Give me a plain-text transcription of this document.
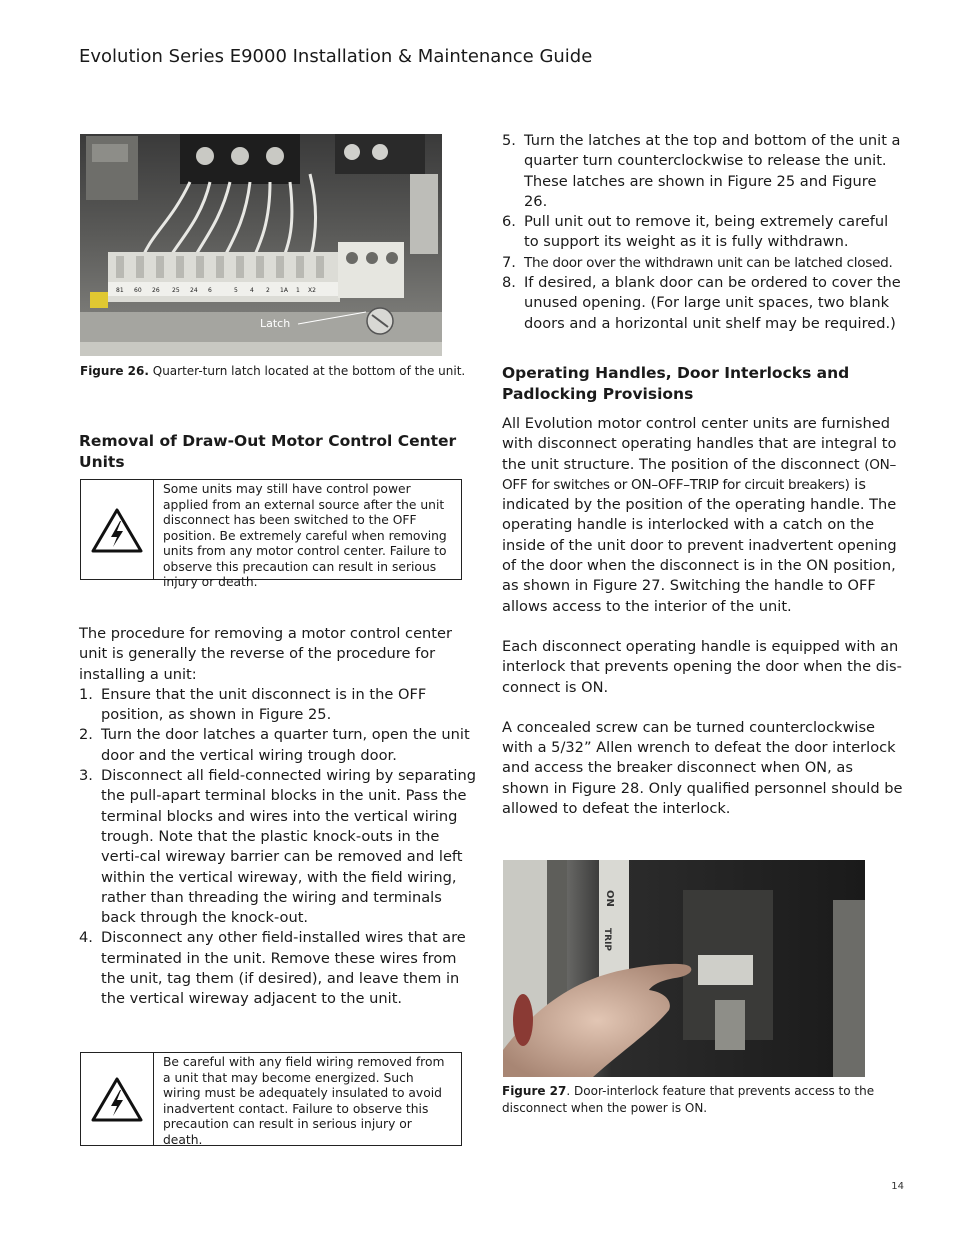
Evolution Series E9000 Installation & Maintenance Guide
81 60 26 25 24 6	5 4 2 1A 1 X2
Latch
Figure 26. Quarter-turn latch located at the bottom of the unit.
Removal of Draw-Out Motor Control Center Units
Some units may still have control power applied from an external source after the unit disconnect has been switched to the OFF position. Be extremely careful when removing units from any motor control center. Failure to observe this precaution can result in serious injury or death.

The procedure for removing a motor control center unit is generally the reverse of the procedure for installing a unit:

1. Ensure that the unit disconnect is in the OFF position, as shown in Figure 25.
2. Turn the door latches a quarter turn, open the unit door and the vertical wiring trough door.
3. Disconnect all field-connected wiring by separating the pull-apart terminal blocks in the unit. Pass the terminal blocks and wires into the vertical wiring trough. Note that the plastic knock-outs in the verti-cal wireway barrier can be removed and left within the vertical wireway, with the field wiring, rather than threading the wiring and terminals back through the knock-out.
4. Disconnect any other field-installed wires that are terminated in the unit. Remove these wires from the unit, tag them (if desired), and leave them in the vertical wireway adjacent to the unit.
Be careful with any field wiring removed from a unit that may become energized. Such wiring must be adequately insulated to avoid inadvertent contact. Failure to observe this precaution can result in serious injury or death.
5. Turn the latches at the top and bottom of the unit a quarter turn counterclockwise to release the unit. These latches are shown in Figure 25 and Figure 26.
6. Pull unit out to remove it, being extremely careful to support its weight as it is fully withdrawn.
7. The door over the withdrawn unit can be latched closed.
8. If desired, a blank door can be ordered to cover the unused opening. (For large unit spaces, two blank doors and a horizontal unit shelf may be required.)
Operating Handles, Door Interlocks and Padlocking Provisions

All Evolution motor control center units are furnished with disconnect operating handles that are integral to the unit structure. The position of the disconnect (ON–OFF for switches or ON–OFF–TRIP for circuit breakers) is indicated by the position of the operating handle. The operating handle is interlocked with a catch on the inside of the unit door to prevent inadvertent opening of the door when the disconnect is in the ON position, as shown in Figure 27. Switching the handle to OFF allows access to the interior of the unit.

Each disconnect operating handle is equipped with an interlock that prevents opening the door when the dis-connect is ON.

A concealed screw can be turned counterclockwise with a 5/32” Allen wrench to defeat the door interlock and access the breaker disconnect when ON, as shown in Figure 28. Only qualified personnel should be allowed to defeat the interlock.

ON
TRIP
Figure 27. Door-interlock feature that prevents access to the disconnect when the power is ON.
14
